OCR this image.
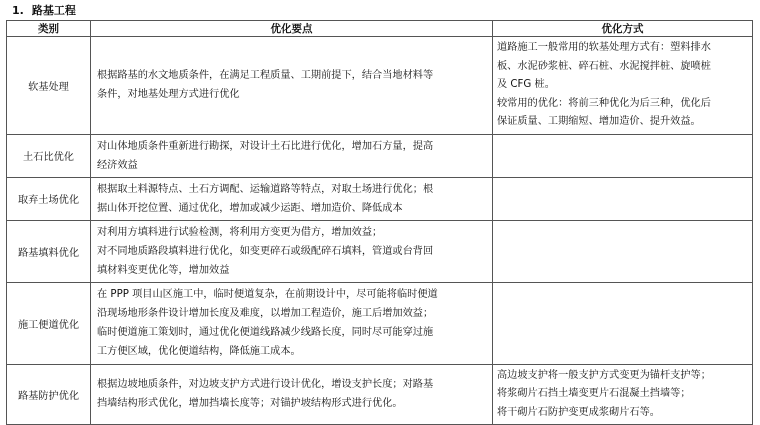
1. 路基工程
类别	优化要点	优化方式
软基处理	根据路基的水文地质条件，在满足工程质量、工期前提下，结合当地材料等
条件，对地基处理方式进行优化	道路施工一般常用的软基处理方式有：塑料排水
板、水泥砂浆桩、碎石桩、水泥搅拌桩、旋喷桩
及 CFG 桩。
较常用的优化：将前三种优化为后三种，优化后
保证质量、工期缩短、增加造价、提升效益。

土石比优化	对山体地质条件重新进行勘探，对设计土石比进行优化，增加石方量，提高
经济效益	

取弃土场优化	根据取土料源特点、土石方调配、运输道路等特点，对取土场进行优化；根
据山体开挖位置、通过优化，增加或减少运距、增加造价、降低成本	

路基填料优化	对利用方填料进行试验检测，将利用方变更为借方，增加效益；
对不同地质路段填料进行优化，如变更碎石或级配碎石填料，管道或台背回
填材料变更优化等，增加效益	

施工便道优化	在 PPP 项目山区施工中，临时便道复杂，在前期设计中，尽可能将临时便道
沿现场地形条件设计增加长度及难度，以增加工程造价，施工后增加效益；
临时便道施工策划时，通过优化便道线路减少线路长度，同时尽可能穿过施
工方便区域，优化便道结构，降低施工成本。	

路基防护优化	根据边坡地质条件，对边坡支护方式进行设计优化，增设支护长度；对路基
挡墙结构形式优化，增加挡墙长度等；对锚护坡结构形式进行优化。	高边坡支护将一般支护方式变更为锚杆支护等；
将浆砌片石挡土墙变更片石混凝土挡墙等；
将干砌片石防护变更成浆砌片石等。
